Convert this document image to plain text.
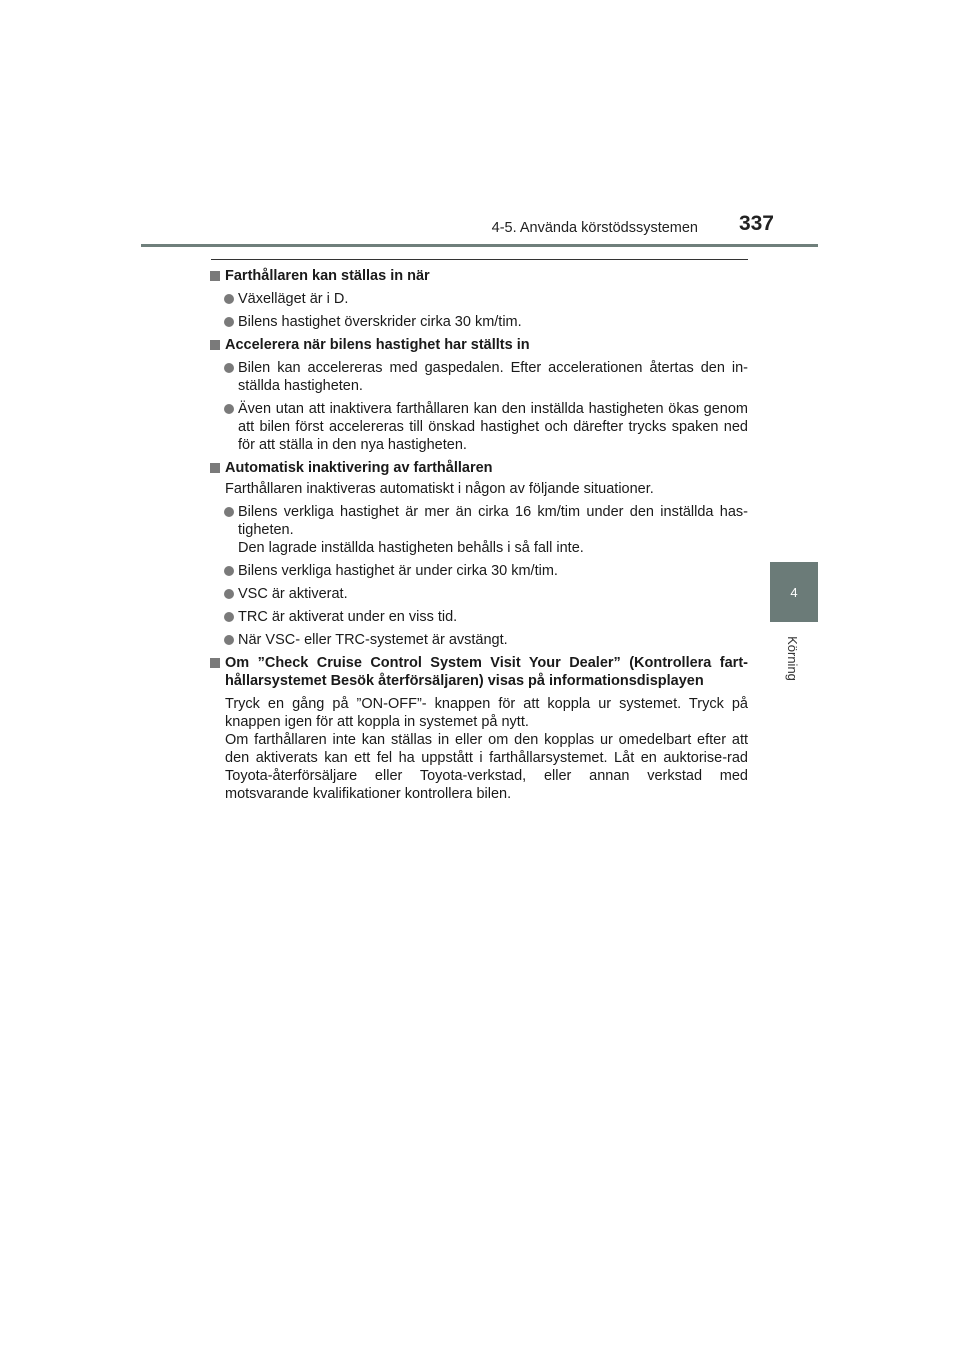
4-5. Använda körstödssystemen	337
4
Körning
Farthållaren kan ställas in när
Växelläget är i D.
Bilens hastighet överskrider cirka 30 km/tim.
Accelerera när bilens hastighet har ställts in
Bilen kan accelereras med gaspedalen. Efter accelerationen återtas den in-ställda hastigheten.
Även utan att inaktivera farthållaren kan den inställda hastigheten ökas genom att bilen först accelereras till önskad hastighet och därefter trycks spaken ned för att ställa in den nya hastigheten.
Automatisk inaktivering av farthållaren
Farthållaren inaktiveras automatiskt i någon av följande situationer.
Bilens verkliga hastighet är mer än cirka 16 km/tim under den inställda has-tigheten.
Den lagrade inställda hastigheten behålls i så fall inte.
Bilens verkliga hastighet är under cirka 30 km/tim.
VSC är aktiverat.
TRC är aktiverat under en viss tid.
När VSC- eller TRC-systemet är avstängt.
Om ”Check Cruise Control System Visit Your Dealer” (Kontrollera fart-hållarsystemet Besök återförsäljaren) visas på informationsdisplayen
Tryck en gång på ”ON-OFF”- knappen för att koppla ur systemet. Tryck på knappen igen för att koppla in systemet på nytt.
Om farthållaren inte kan ställas in eller om den kopplas ur omedelbart efter att den aktiverats kan ett fel ha uppstått i farthållarsystemet. Låt en auktorise-rad Toyota-återförsäljare eller Toyota-verkstad, eller annan verkstad med motsvarande kvalifikationer kontrollera bilen.
